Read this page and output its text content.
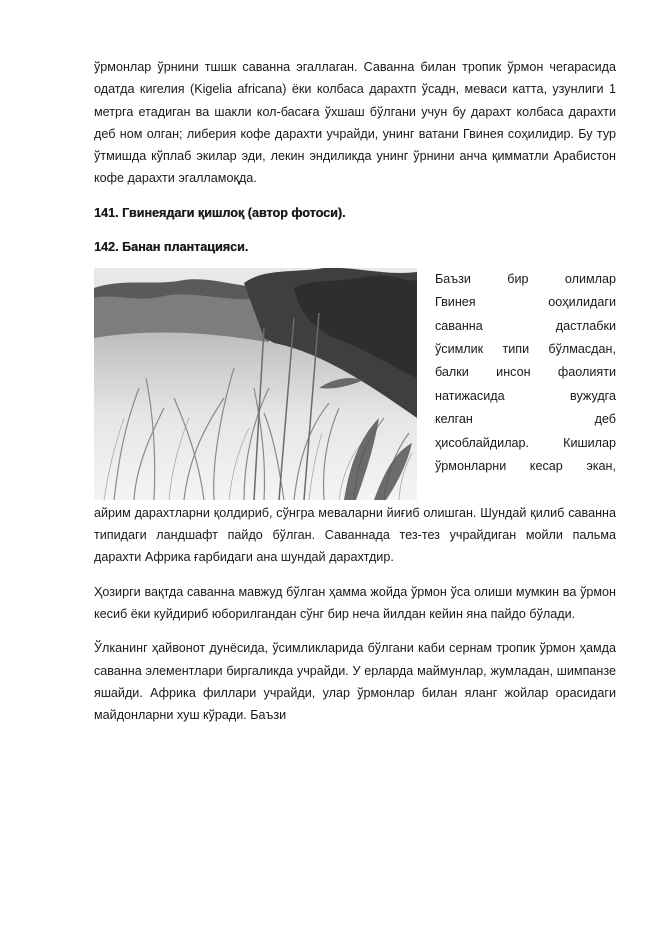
ўрмонлар ўрнини тшшк саванна эгаллаган. Саванна билан тропик ўрмон чегарасида одатда кигелия (Kigelia africana) ёки колбаса дарахтп ўсадн, меваси катта, узунлиги 1 метрга етадиган ва шакли кол-басаға ўхшаш бўлгани учун бу дарахт колбаса дарахти деб ном олган; либерия кофе дарахти учрайди, унинг ватани Гвинея соҳилидир. Бу тур ўтмишда кўплаб экилар эди, лекин эндиликда унинг ўрнини анча қимматли Арабистон кофе дарахти эгалламоқда.

141. Гвинеядаги қишлоқ (автор фотоси).

142. Банан плантацияси.

Баъзи бир олимлар
Гвинея ооҳилидаги
саванна дастлабки
ўсимлик типи бўлмасдан,
балки инсон фаолияти
натижасида вужудга
келган деб
ҳисоблайдилар. Кишилар
ўрмонларни кесар экан,

айрим дарахтларни қолдириб, сўнгра меваларни йиғиб олишган. Шундай қилиб саванна типидаги ландшафт пайдо бўлган. Саваннада тез-тез учрайдиган мойли пальма дарахти Африка ғарбидаги ана шундай дарахтдир.

Ҳозирги вақтда саванна мавжуд бўлган ҳамма жойда ўрмон ўса олиши мумкин ва ўрмон кесиб ёки куйдириб юборилгандан сўнг бир неча йилдан кейин яна пайдо бўлади.

Ўлканинг ҳайвонот дунёсида, ўсимликларида бўлгани каби сернам тропик ўрмон ҳамда саванна элементлари биргаликда учрайди. У ерларда маймунлар, жумладан, шимпанзе яшайди. Африка филлари учрайди, улар ўрмонлар билан яланг жойлар орасидаги майдонларни хуш кўради. Баъзи
